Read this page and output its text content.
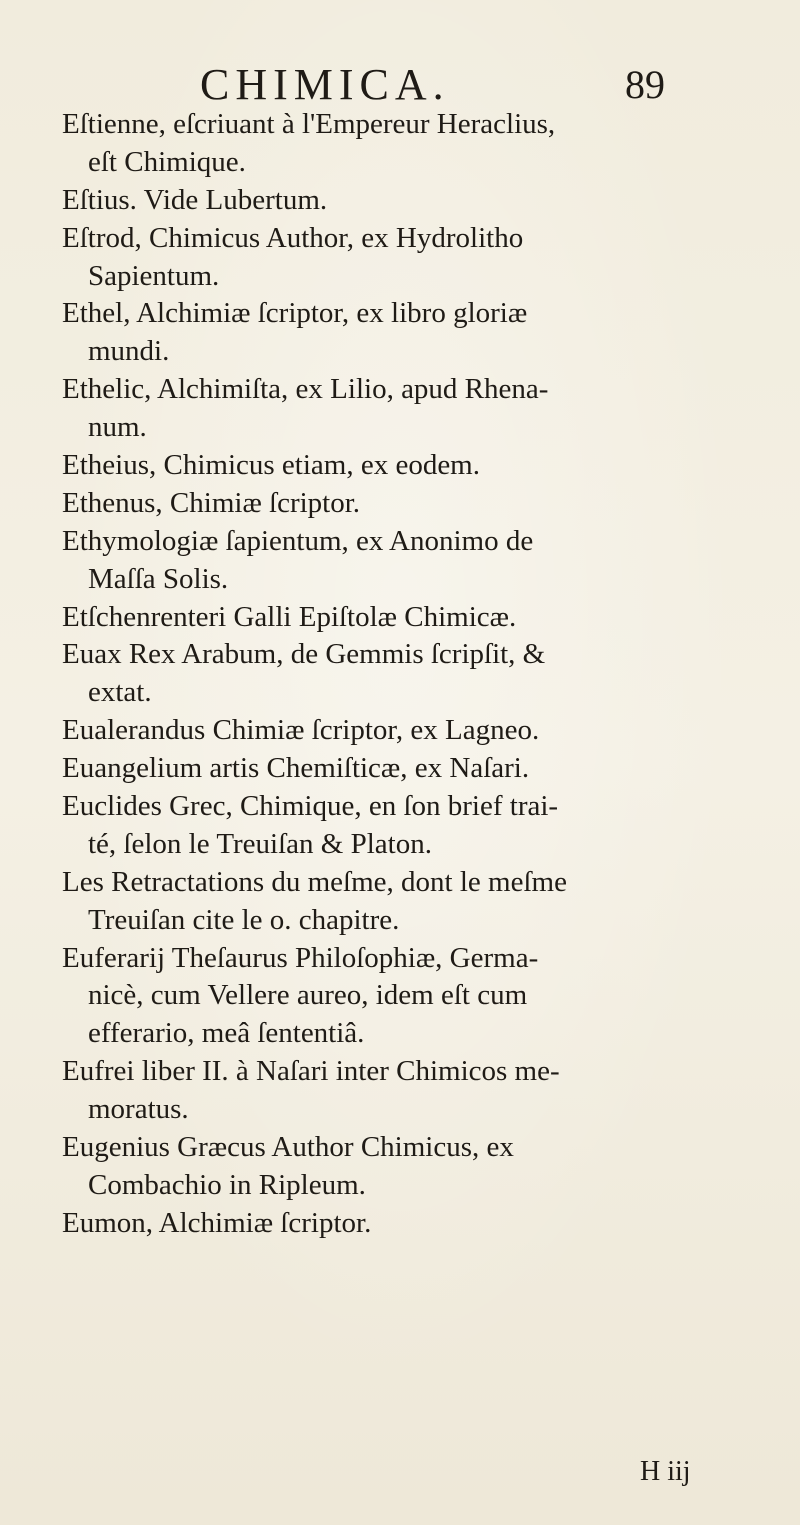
CHIMICA.	89
Eſtienne, eſcriuant à l'Empereur Heraclius,
eſt Chimique.
Eſtius. Vide Lubertum.
Eſtrod, Chimicus Author, ex Hydrolitho
Sapientum.
Ethel, Alchimiæ ſcriptor, ex libro gloriæ
mundi.
Ethelic, Alchimiſta, ex Lilio, apud Rhena-
num.
Etheius, Chimicus etiam, ex eodem.
Ethenus, Chimiæ ſcriptor.
Ethymologiæ ſapientum, ex Anonimo de
Maſſa Solis.
Etſchenrenteri Galli Epiſtolæ Chimicæ.
Euax Rex Arabum, de Gemmis ſcripſit, &
extat.
Eualerandus Chimiæ ſcriptor, ex Lagneo.
Euangelium artis Chemiſticæ, ex Naſari.
Euclides Grec, Chimique, en ſon brief trai-
té, ſelon le Treuiſan & Platon.
Les Retractations du meſme, dont le meſme
Treuiſan cite le o. chapitre.
Euferarij Theſaurus Philoſophiæ, Germa-
nicè, cum Vellere aureo, idem eſt cum
efferario, meâ ſententiâ.
Eufrei liber II. à Naſari inter Chimicos me-
moratus.
Eugenius Græcus Author Chimicus, ex
Combachio in Ripleum.
Eumon, Alchimiæ ſcriptor.
H iij
